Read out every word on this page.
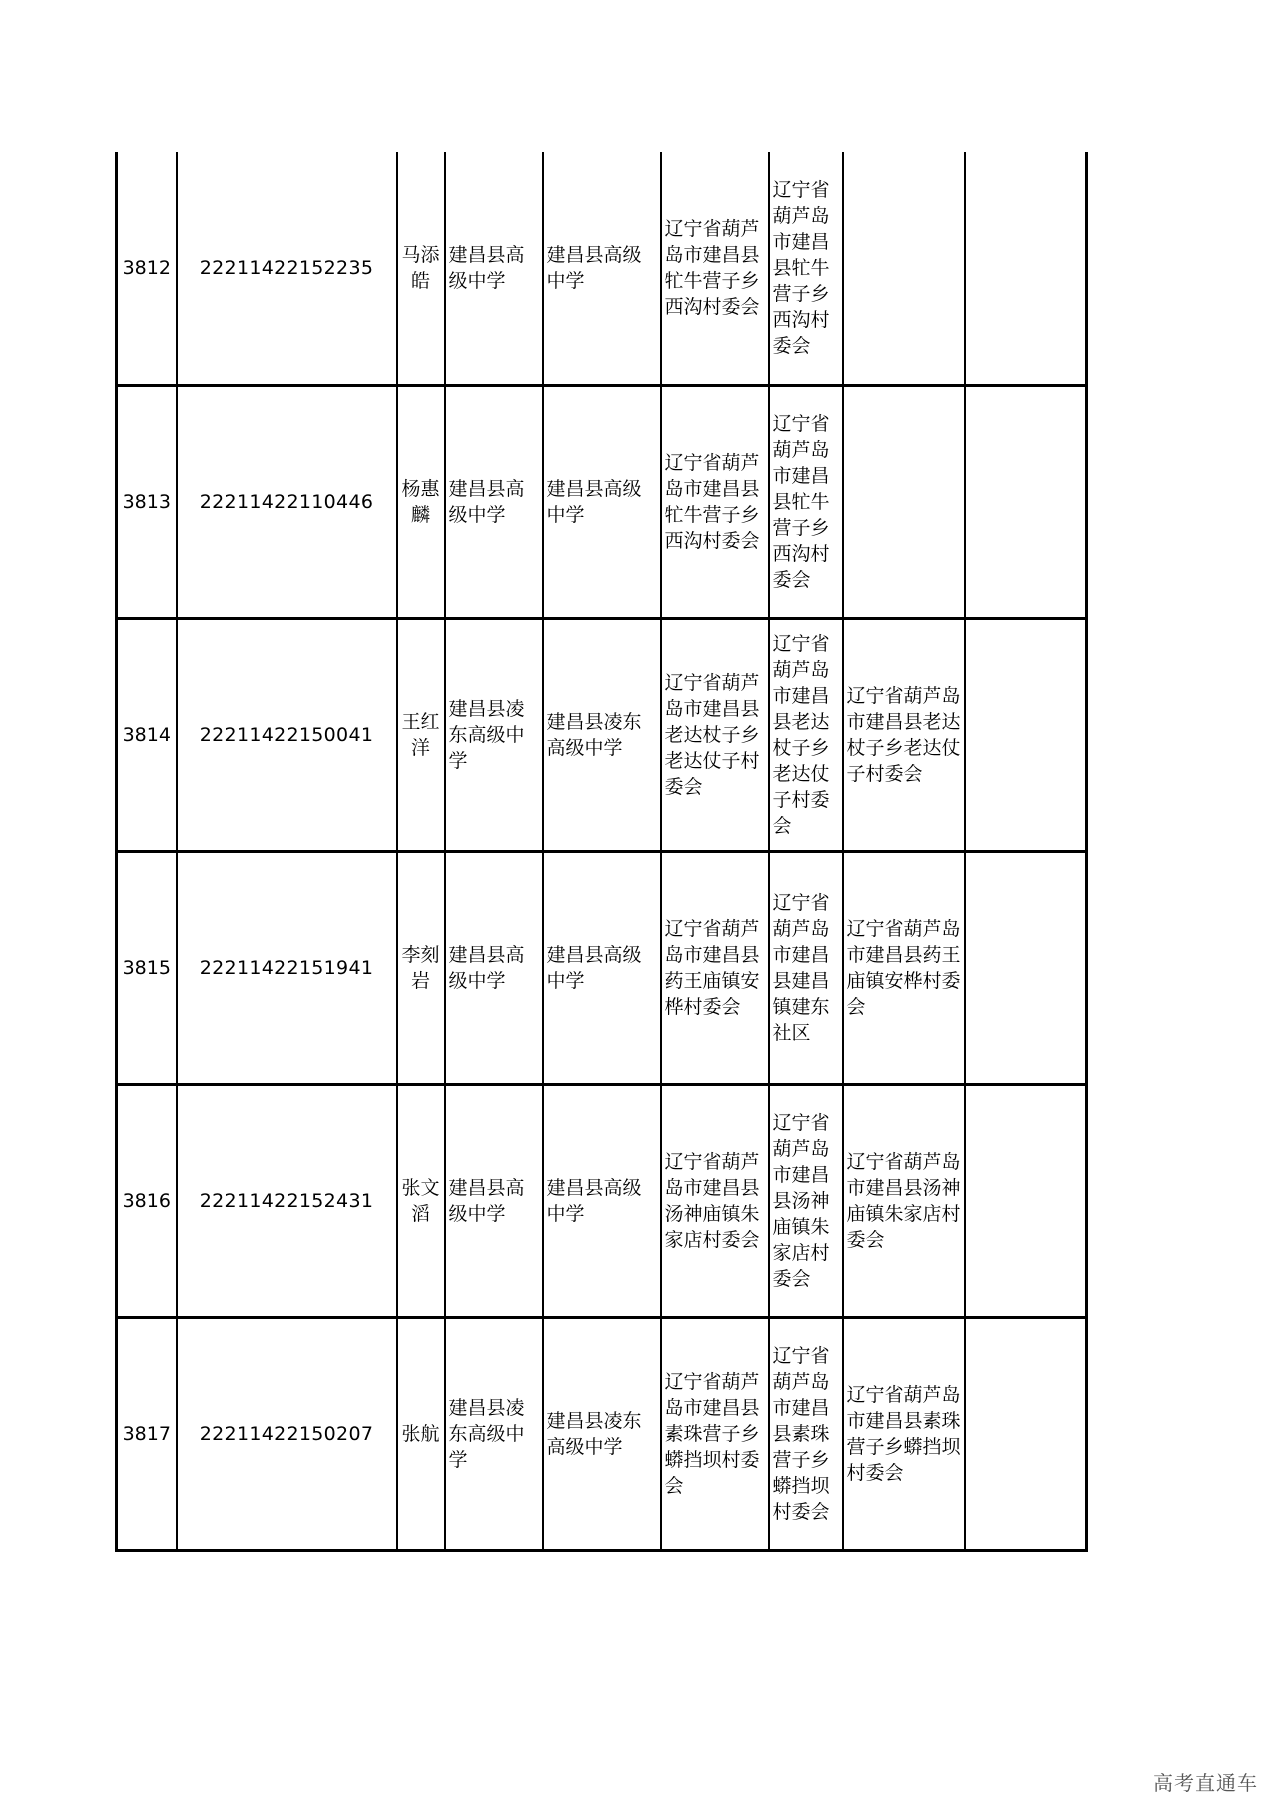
3812	22211422152235	马添皓	建昌县高级中学	建昌县高级中学	辽宁省葫芦岛市建昌县牤牛营子乡西沟村委会	辽宁省葫芦岛市建昌县牤牛营子乡西沟村委会		
3813	22211422110446	杨惠麟	建昌县高级中学	建昌县高级中学	辽宁省葫芦岛市建昌县牤牛营子乡西沟村委会	辽宁省葫芦岛市建昌县牤牛营子乡西沟村委会		
3814	22211422150041	王红洋	建昌县凌东高级中学	建昌县凌东高级中学	辽宁省葫芦岛市建昌县老达杖子乡老达仗子村委会	辽宁省葫芦岛市建昌县老达杖子乡老达仗子村委会	辽宁省葫芦岛市建昌县老达杖子乡老达仗子村委会	
3815	22211422151941	李刻岩	建昌县高级中学	建昌县高级中学	辽宁省葫芦岛市建昌县药王庙镇安桦村委会	辽宁省葫芦岛市建昌县建昌镇建东社区	辽宁省葫芦岛市建昌县药王庙镇安桦村委会	
3816	22211422152431	张文滔	建昌县高级中学	建昌县高级中学	辽宁省葫芦岛市建昌县汤神庙镇朱家店村委会	辽宁省葫芦岛市建昌县汤神庙镇朱家店村委会	辽宁省葫芦岛市建昌县汤神庙镇朱家店村委会	
3817	22211422150207	张航	建昌县凌东高级中学	建昌县凌东高级中学	辽宁省葫芦岛市建昌县素珠营子乡蟒挡坝村委会	辽宁省葫芦岛市建昌县素珠营子乡蟒挡坝村委会	辽宁省葫芦岛市建昌县素珠营子乡蟒挡坝村委会	
高考直通车
